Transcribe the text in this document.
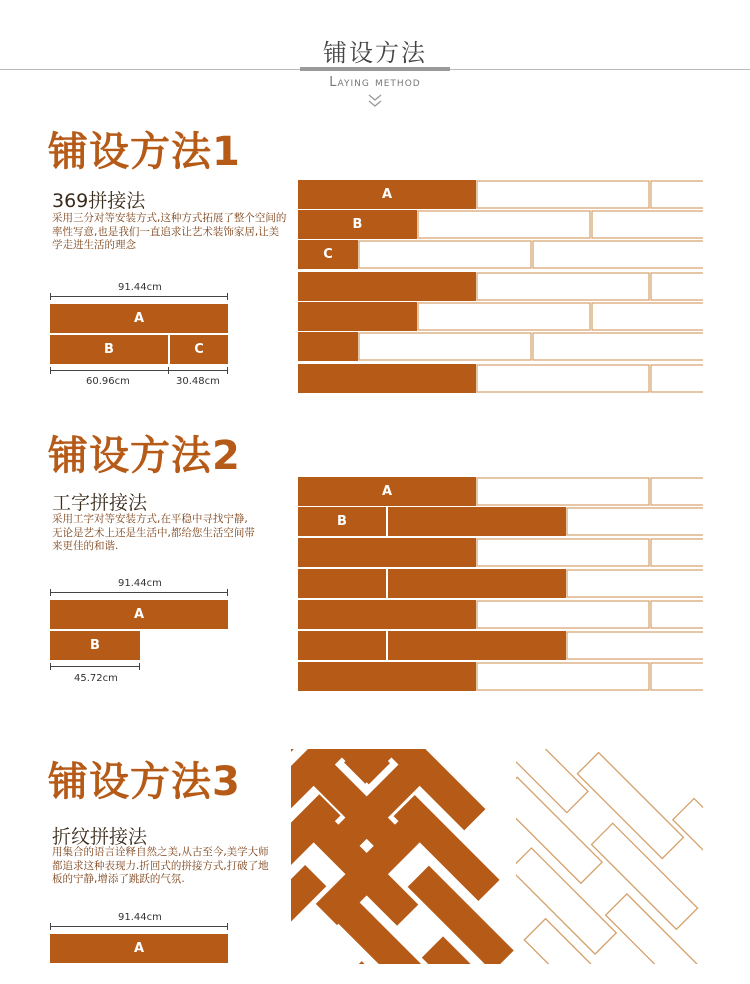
铺设方法
Laying method
铺设方法1
369拼接法
采用三分对等安装方式,这种方式拓展了整个空间的率性写意,也是我们一直追求让艺术装饰家居,让美学走进生活的理念
91.44cm
A
B	C
60.96cm	30.48cm
A
B
C
铺设方法2
工字拼接法
采用工字对等安装方式,在平稳中寻找宁静,无论是艺术上还是生活中,都给您生活空间带来更佳的和谐.
91.44cm
A
B
45.72cm
A
B
铺设方法3
折纹拼接法
用集合的语言诠释自然之美,从古至今,美学大师都追求这种表现力.折回式的拼接方式,打破了地板的宁静,增添了跳跃的气氛.
91.44cm
A
